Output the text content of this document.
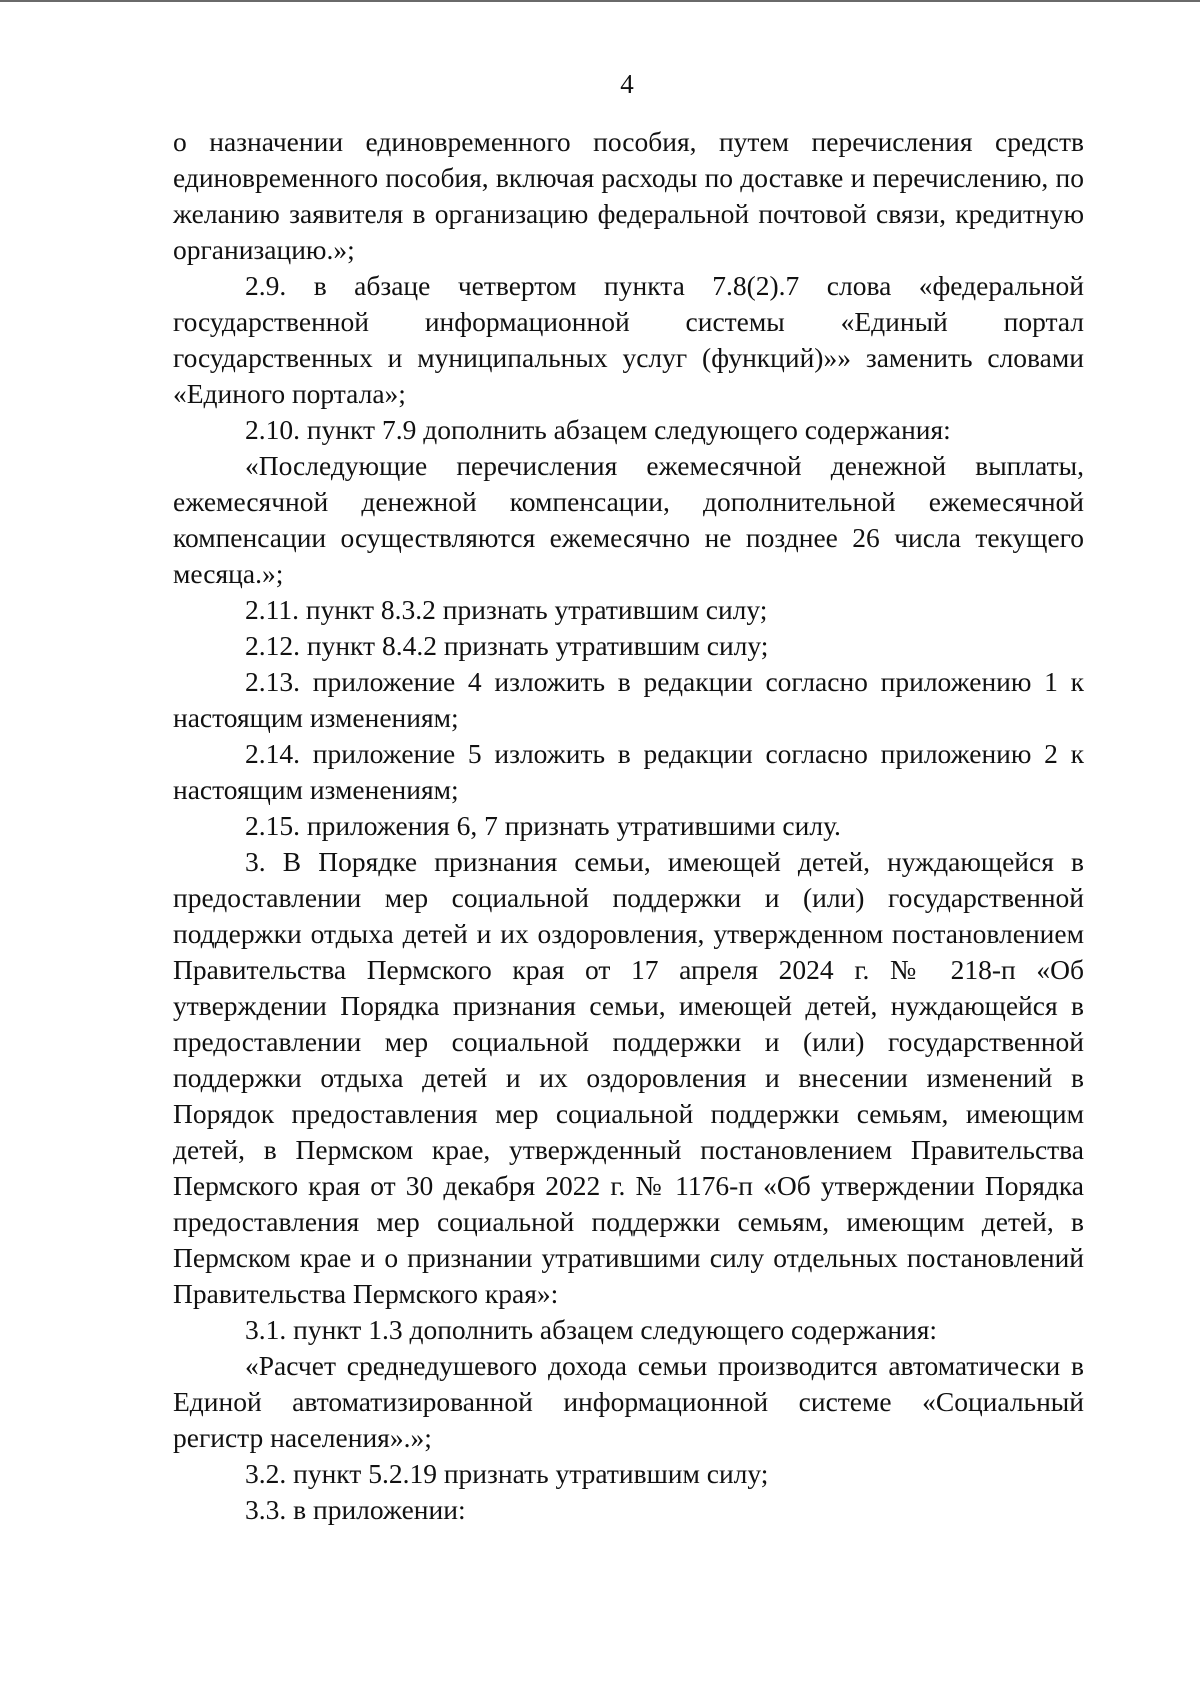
4

о назначении единовременного пособия, путем перечисления средств единовременного пособия, включая расходы по доставке и перечислению, по желанию заявителя в организацию федеральной почтовой связи, кредитную организацию.»;

2.9. в абзаце четвертом пункта 7.8(2).7 слова «федеральной государственной информационной системы «Единый портал государственных и муниципальных услуг (функций)»» заменить словами «Единого портала»;

2.10. пункт 7.9 дополнить абзацем следующего содержания:

«Последующие перечисления ежемесячной денежной выплаты, ежемесячной денежной компенсации, дополнительной ежемесячной компенсации осуществляются ежемесячно не позднее 26 числа текущего месяца.»;

2.11. пункт 8.3.2 признать утратившим силу;

2.12. пункт 8.4.2 признать утратившим силу;

2.13. приложение 4 изложить в редакции согласно приложению 1 к настоящим изменениям;

2.14. приложение 5 изложить в редакции согласно приложению 2 к настоящим изменениям;

2.15. приложения 6, 7 признать утратившими силу.

3. В Порядке признания семьи, имеющей детей, нуждающейся в предоставлении мер социальной поддержки и (или) государственной поддержки отдыха детей и их оздоровления, утвержденном постановлением Правительства Пермского края от 17 апреля 2024 г. № 218-п «Об утверждении Порядка признания семьи, имеющей детей, нуждающейся в предоставлении мер социальной поддержки и (или) государственной поддержки отдыха детей и их оздоровления и внесении изменений в Порядок предоставления мер социальной поддержки семьям, имеющим детей, в Пермском крае, утвержденный постановлением Правительства Пермского края от 30 декабря 2022 г. № 1176-п «Об утверждении Порядка предоставления мер социальной поддержки семьям, имеющим детей, в Пермском крае и о признании утратившими силу отдельных постановлений Правительства Пермского края»:

3.1. пункт 1.3 дополнить абзацем следующего содержания:

«Расчет среднедушевого дохода семьи производится автоматически в Единой автоматизированной информационной системе «Социальный регистр населения».»;

3.2. пункт 5.2.19 признать утратившим силу;

3.3. в приложении:
